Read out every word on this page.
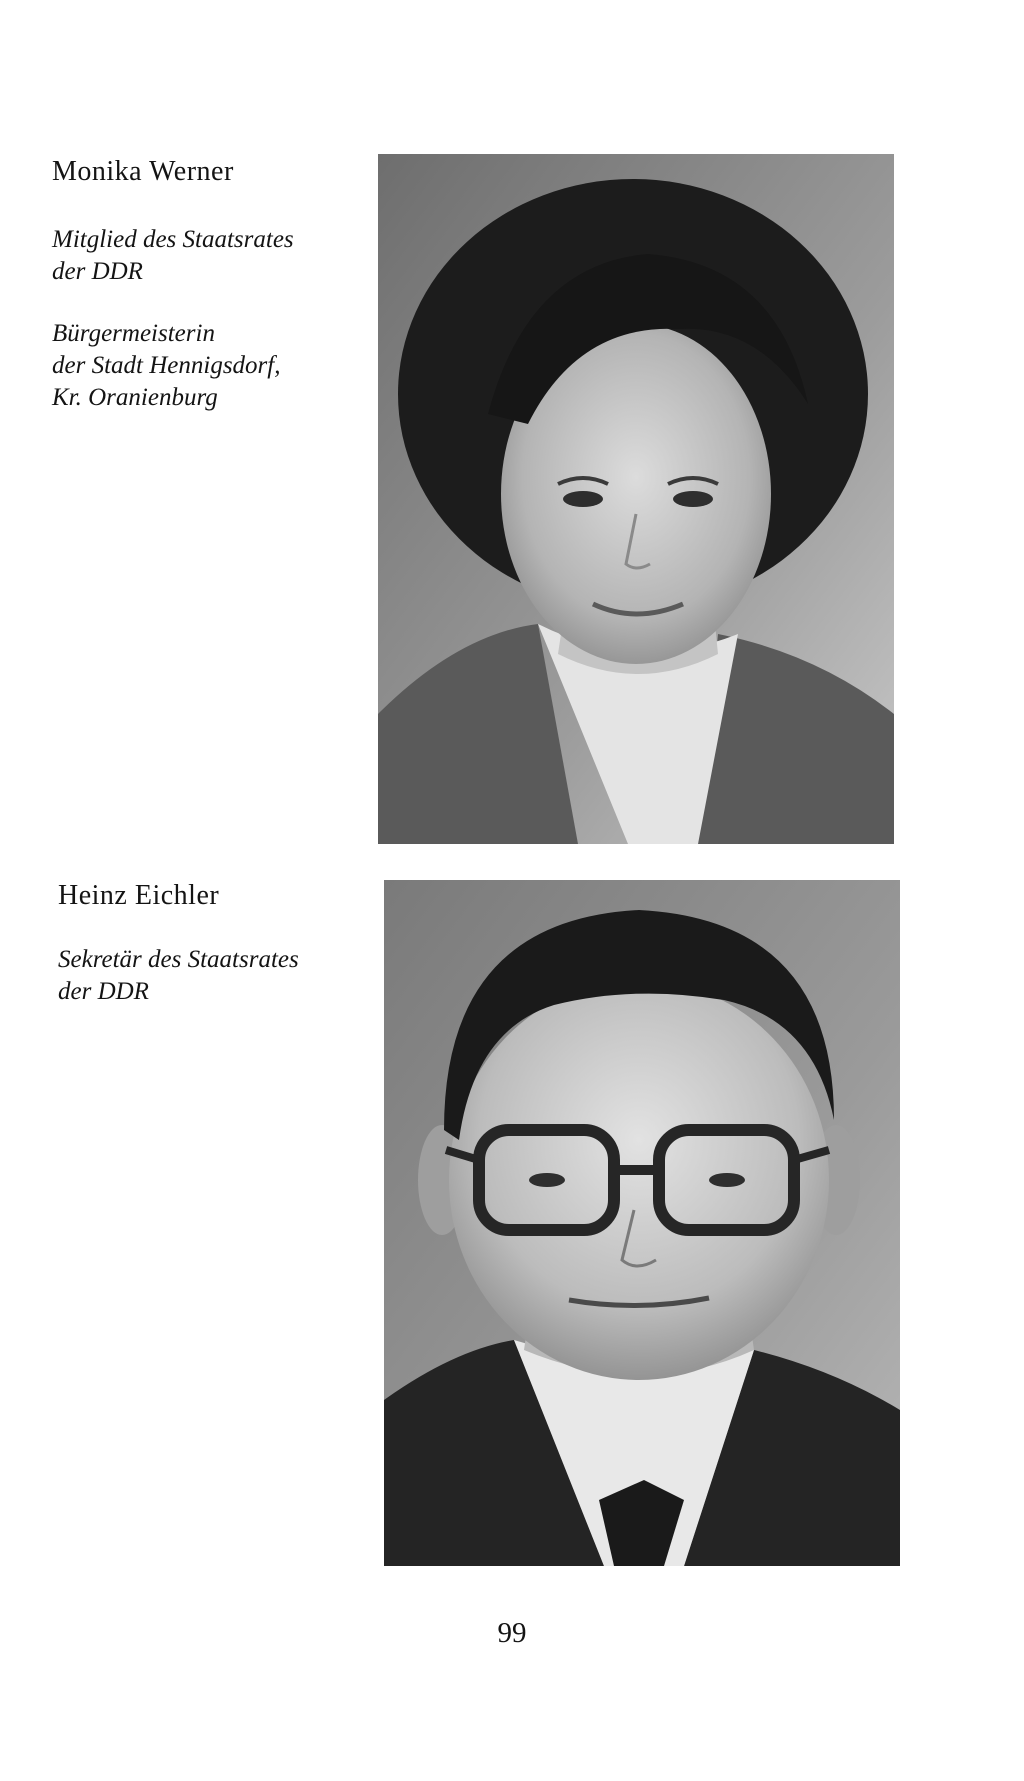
Monika Werner

Mitglied des Staatsrates
der DDR

Bürgermeisterin
der Stadt Hennigsdorf,
Kr. Oranienburg

Heinz Eichler

Sekretär des Staatsrates
der DDR

99
